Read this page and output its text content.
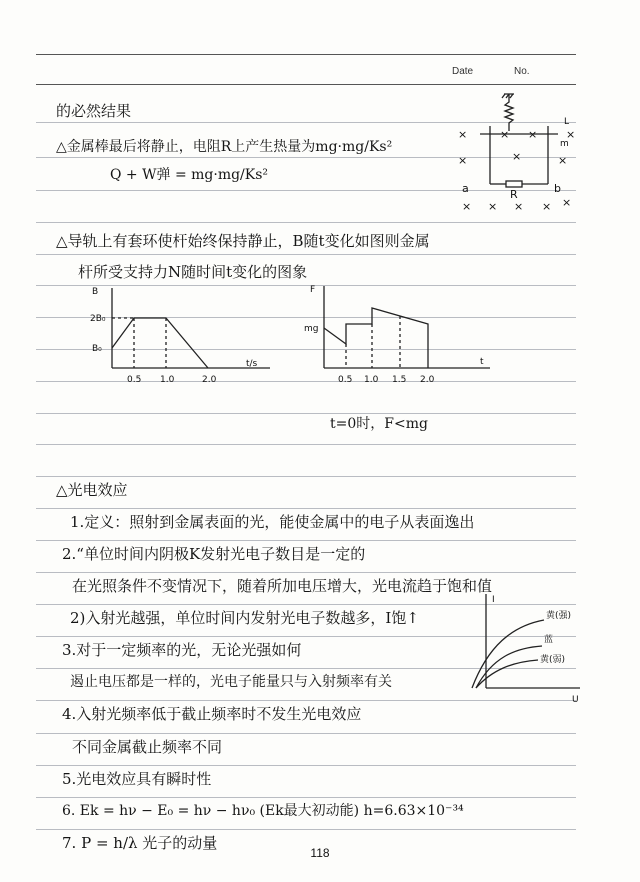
Date	No.
的必然结果
△金属棒最后将静止，电阻R上产生热量为mg·mg/Ks²
Q + W弹 = mg·mg/Ks²
△导轨上有套环使杆始终保持静止，B随t变化如图则金属
杆所受支持力N随时间t变化的图象
t=0时，F<mg
△光电效应
1.定义：照射到金属表面的光，能使金属中的电子从表面逸出
2.“单位时间内阴极K发射光电子数目是一定的
在光照条件不变情况下，随着所加电压增大，光电流趋于饱和值
2)入射光越强，单位时间内发射光电子数越多，I饱↑
3.对于一定频率的光，无论光强如何
遏止电压都是一样的，光电子能量只与入射频率有关
4.入射光频率低于截止频率时不发生光电效应
不同金属截止频率不同
5.光电效应具有瞬时性
6. Ek = hν − E₀ = hν − hν₀ (Ek最大初动能) h=6.63×10⁻³⁴
7. P = h/λ 光子的动量
×	× ×	×
×	×	×
× × × × ×
a	R	b
m
L
B
2B₀
B₀
0.5 1.0	2.0
t/s
F
mg
0.5 1.0 1.5 2.0
t
I
黄(强)
蓝
黄(弱)
U
118
